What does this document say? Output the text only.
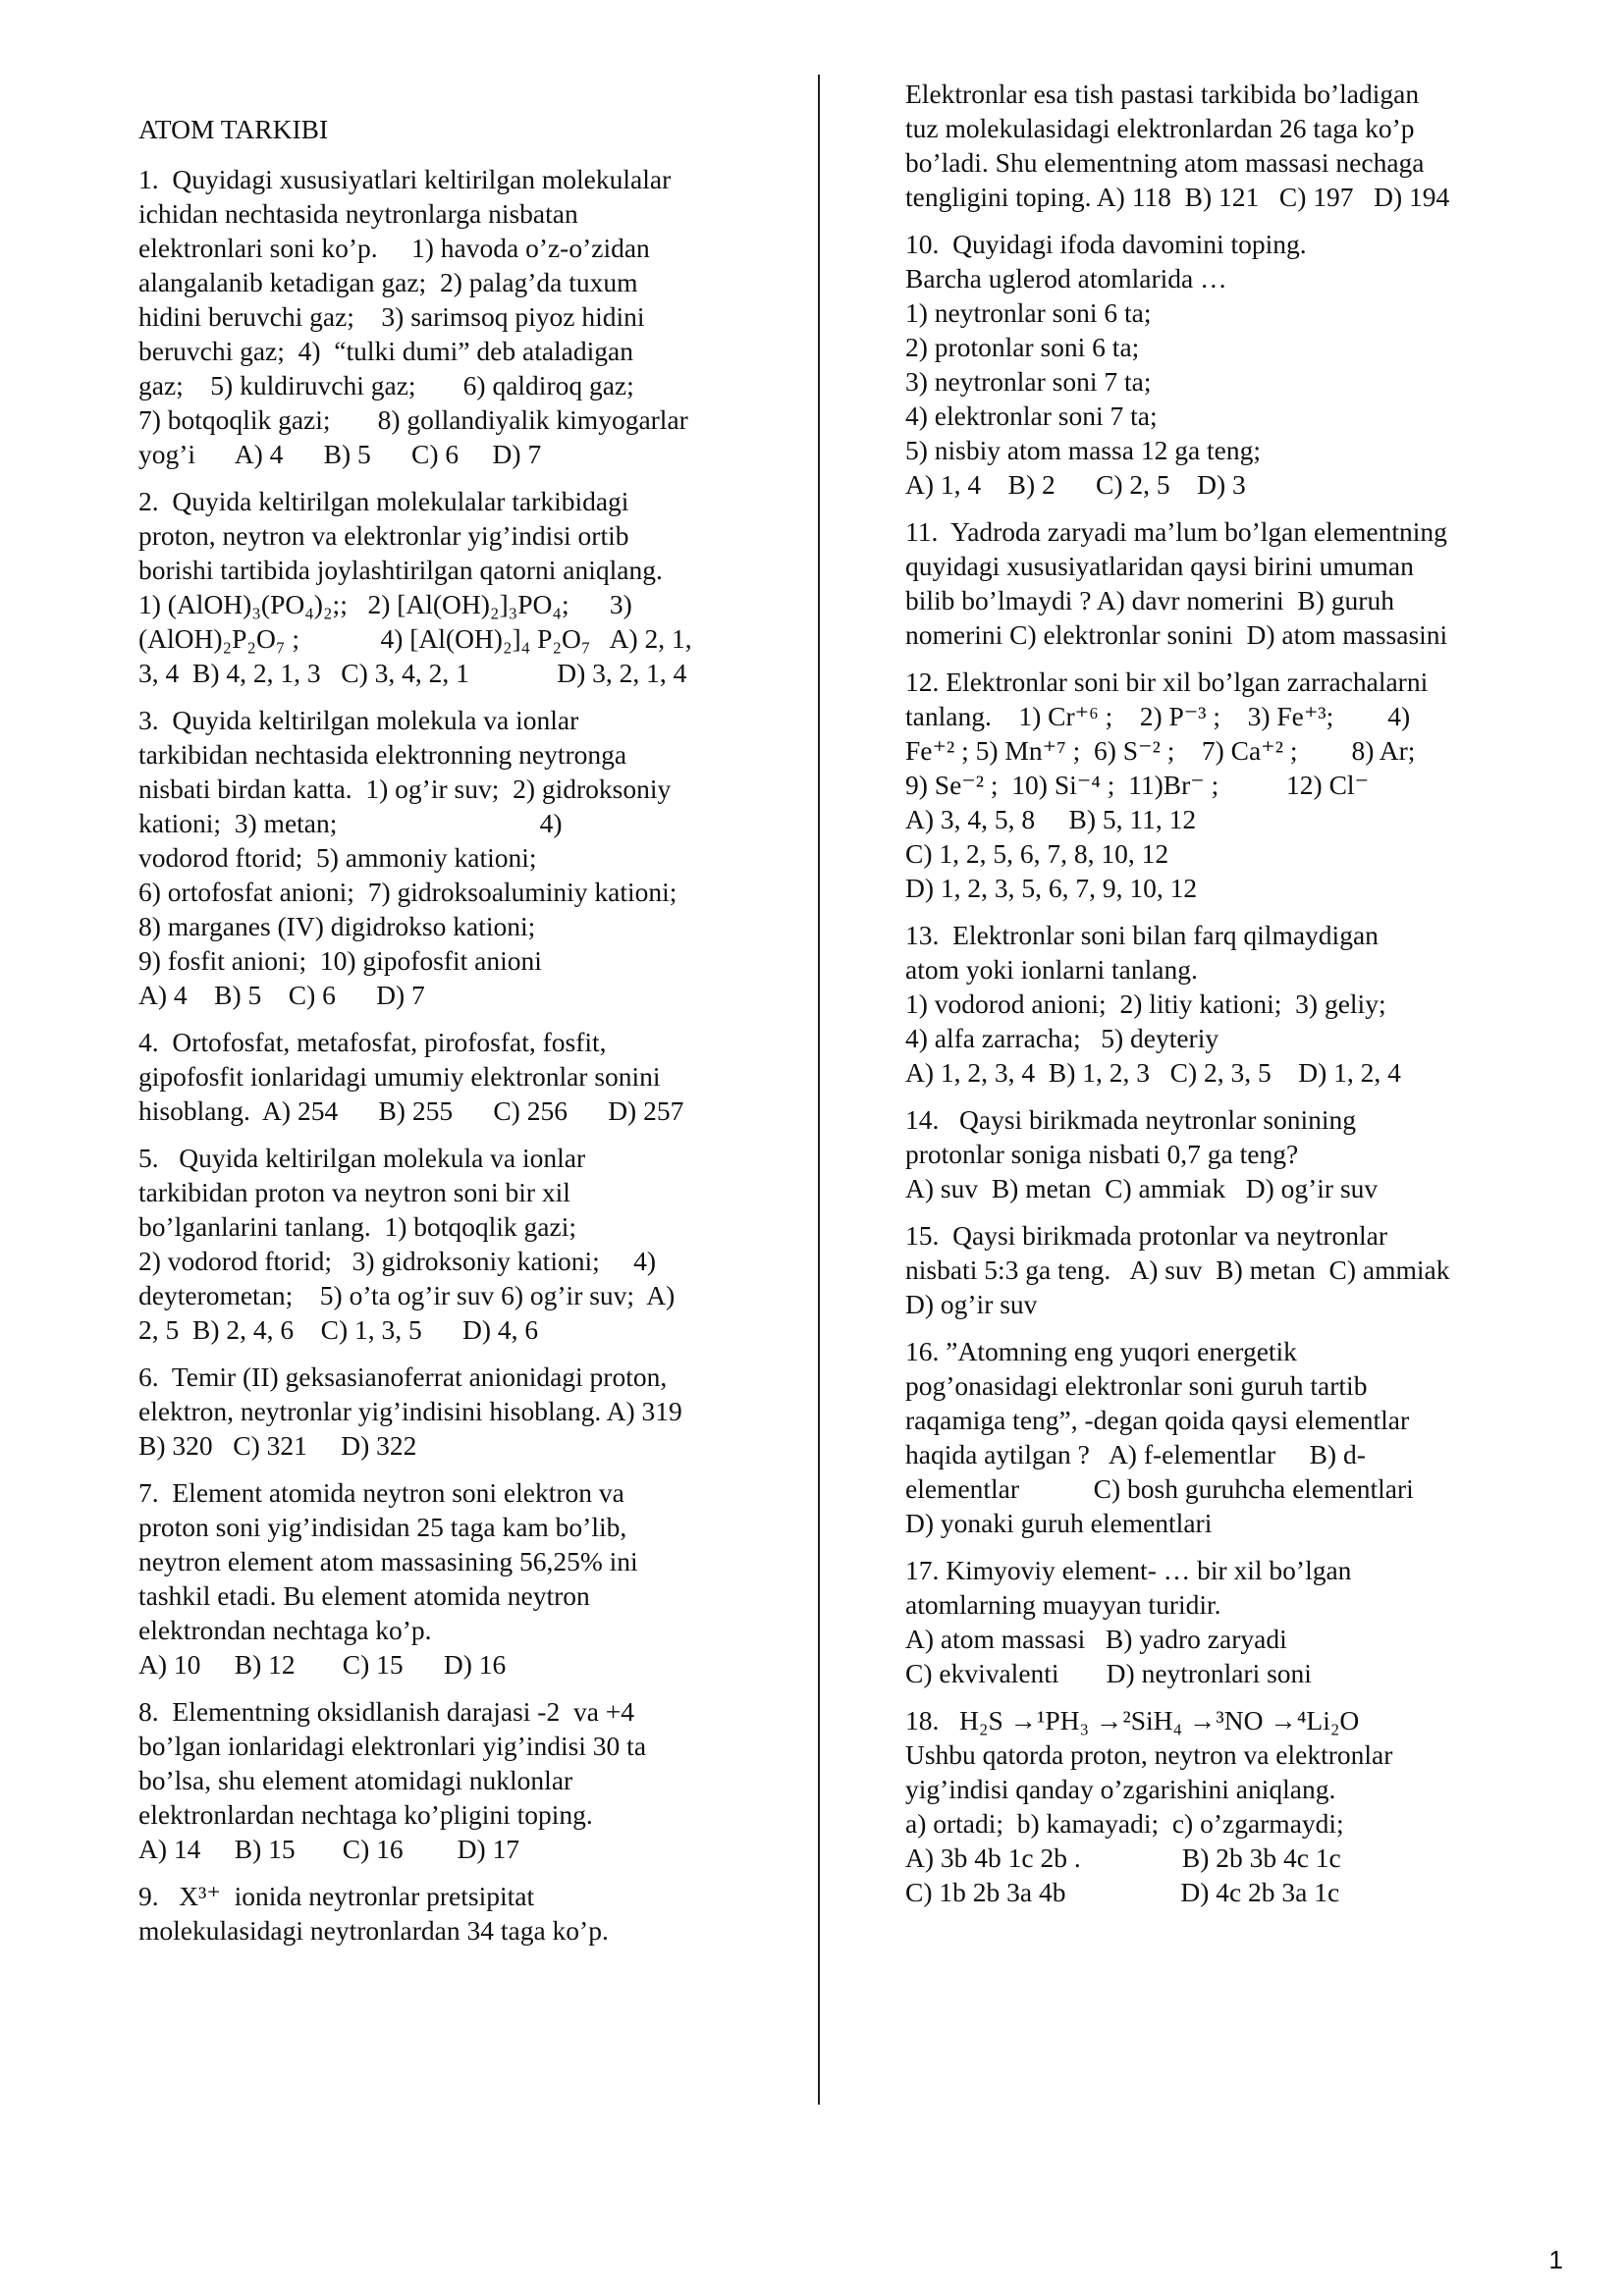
ATOM TARKIBI
1.  Quyidagi xususiyatlari keltirilgan molekulalar
ichidan nechtasida neytronlarga nisbatan
elektronlari soni ko’p.     1) havoda o’z-o’zidan
alangalanib ketadigan gaz;  2) palag’da tuxum
hidini beruvchi gaz;    3) sarimsoq piyoz hidini
beruvchi gaz;  4)  “tulki dumi” deb ataladigan
gaz;    5) kuldiruvchi gaz;       6) qaldiroq gaz;
7) botqoqlik gazi;       8) gollandiyalik kimyogarlar
yog’i      A) 4      B) 5      C) 6     D) 7
2.  Quyida keltirilgan molekulalar tarkibidagi
proton, neytron va elektronlar yig’indisi ortib
borishi tartibida joylashtirilgan qatorni aniqlang.
1) (AlOH)₃(PO₄)₂;;   2) [Al(OH)₂]₃PO₄;      3)
(AlOH)₂P₂O₇ ;            4) [Al(OH)₂]₄ P₂O₇   A) 2, 1,
3, 4  B) 4, 2, 1, 3   C) 3, 4, 2, 1             D) 3, 2, 1, 4
3.  Quyida keltirilgan molekula va ionlar
tarkibidan nechtasida elektronning neytronga
nisbati birdan katta.  1) og’ir suv;  2) gidroksoniy
kationi;  3) metan;                              4)
vodorod ftorid;  5) ammoniy kationi;
6) ortofosfat anioni;  7) gidroksoaluminiy kationi;
8) marganes (IV) digidrokso kationi;
9) fosfit anioni;  10) gipofosfit anioni
A) 4    B) 5    C) 6      D) 7
4.  Ortofosfat, metafosfat, pirofosfat, fosfit,
gipofosfit ionlaridagi umumiy elektronlar sonini
hisoblang.  A) 254      B) 255      C) 256      D) 257
5.   Quyida keltirilgan molekula va ionlar
tarkibidan proton va neytron soni bir xil
bo’lganlarini tanlang.  1) botqoqlik gazi;
2) vodorod ftorid;   3) gidroksoniy kationi;     4)
deyterometan;    5) o’ta og’ir suv 6) og’ir suv;  A)
2, 5  B) 2, 4, 6    C) 1, 3, 5      D) 4, 6
6.  Temir (II) geksasianoferrat anionidagi proton,
elektron, neytronlar yig’indisini hisoblang. A) 319
B) 320   C) 321     D) 322
7.  Element atomida neytron soni elektron va
proton soni yig’indisidan 25 taga kam bo’lib,
neytron element atom massasining 56,25% ini
tashkil etadi. Bu element atomida neytron
elektrondan nechtaga ko’p.
A) 10     B) 12       C) 15      D) 16
8.  Elementning oksidlanish darajasi -2  va +4
bo’lgan ionlaridagi elektronlari yig’indisi 30 ta
bo’lsa, shu element atomidagi nuklonlar
elektronlardan nechtaga ko’pligini toping.
A) 14     B) 15       C) 16        D) 17
9.   X³⁺  ionida neytronlar pretsipitat
molekulasidagi neytronlardan 34 taga ko’p.
Elektronlar esa tish pastasi tarkibida bo’ladigan
tuz molekulasidagi elektronlardan 26 taga ko’p
bo’ladi. Shu elementning atom massasi nechaga
tengligini toping. A) 118  B) 121   C) 197   D) 194
10.  Quyidagi ifoda davomini toping.
Barcha uglerod atomlarida …
1) neytronlar soni 6 ta;
2) protonlar soni 6 ta;
3) neytronlar soni 7 ta;
4) elektronlar soni 7 ta;
5) nisbiy atom massa 12 ga teng;
A) 1, 4    B) 2      C) 2, 5    D) 3
11.  Yadroda zaryadi ma’lum bo’lgan elementning
quyidagi xususiyatlaridan qaysi birini umuman
bilib bo’lmaydi ? A) davr nomerini  B) guruh
nomerini C) elektronlar sonini  D) atom massasini
12. Elektronlar soni bir xil bo’lgan zarrachalarni
tanlang.    1) Cr⁺⁶ ;    2) P⁻³ ;    3) Fe⁺³;        4)
Fe⁺² ; 5) Mn⁺⁷ ;  6) S⁻² ;    7) Ca⁺² ;        8) Ar;
9) Se⁻² ;  10) Si⁻⁴ ;  11)Br⁻ ;          12) Cl⁻
A) 3, 4, 5, 8     B) 5, 11, 12
C) 1, 2, 5, 6, 7, 8, 10, 12
D) 1, 2, 3, 5, 6, 7, 9, 10, 12
13.  Elektronlar soni bilan farq qilmaydigan
atom yoki ionlarni tanlang.
1) vodorod anioni;  2) litiy kationi;  3) geliy;
4) alfa zarracha;   5) deyteriy
A) 1, 2, 3, 4  B) 1, 2, 3   C) 2, 3, 5    D) 1, 2, 4
14.   Qaysi birikmada neytronlar sonining
protonlar soniga nisbati 0,7 ga teng?
A) suv  B) metan  C) ammiak   D) og’ir suv
15.  Qaysi birikmada protonlar va neytronlar
nisbati 5:3 ga teng.   A) suv  B) metan  C) ammiak
D) og’ir suv
16. ”Atomning eng yuqori energetik
pog’onasidagi elektronlar soni guruh tartib
raqamiga teng”, -degan qoida qaysi elementlar
haqida aytilgan ?   A) f-elementlar     B) d-
elementlar           C) bosh guruhcha elementlari
D) yonaki guruh elementlari
17. Kimyoviy element- … bir xil bo’lgan
atomlarning muayyan turidir.
A) atom massasi   B) yadro zaryadi
C) ekvivalenti       D) neytronlari soni
18.   H₂S →¹PH₃ →²SiH₄ →³NO →⁴Li₂O
Ushbu qatorda proton, neytron va elektronlar
yig’indisi qanday o’zgarishini aniqlang.
a) ortadi;  b) kamayadi;  c) o’zgarmaydi;
A) 3b 4b 1c 2b .               B) 2b 3b 4c 1c
C) 1b 2b 3a 4b                 D) 4c 2b 3a 1c
1
